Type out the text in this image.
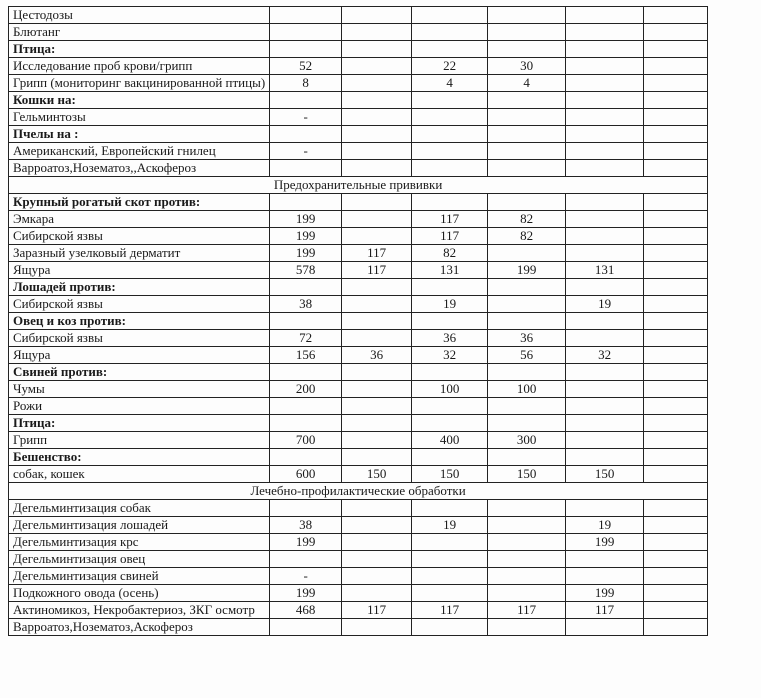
Цестодозы						
Блютанг						
Птица:						
Исследование проб крови/грипп	52		22	30		
Грипп (мониторинг вакцинированной птицы)	8		4	4		
Кошки на:						
Гельминтозы	-					
Пчелы на :						
Американский, Европейский гнилец	-					
Варроатоз,Нозематоз,,Аскофероз						
Предохранительные прививки						
Крупный рогатый скот против:						
Эмкара	199		117	82		
Сибирской язвы	199		117	82		
Заразный узелковый дерматит	199	117	82			
Ящура	578	117	131	199	131	
Лошадей против:						
Сибирской язвы	38		19		19	
Овец и коз против:						
Сибирской язвы	72		36	36		
Ящура	156	36	32	56	32	
Свиней против:						
Чумы	200		100	100		
Рожи						
Птица:						
Грипп	700		400	300		
Бешенство:						
собак, кошек	600	150	150	150	150	
Лечебно-профилактические обработки						
Дегельминтизация собак						
Дегельминтизация лошадей	38		19		19	
Дегельминтизация крс	199				199	
Дегельминтизация овец						
Дегельминтизация свиней	-					
Подкожного овода (осень)	199				199	
Актиномикоз, Некробактериоз, ЗКГ осмотр	468	117	117	117	117	
Варроатоз,Нозематоз,Аскофероз						
